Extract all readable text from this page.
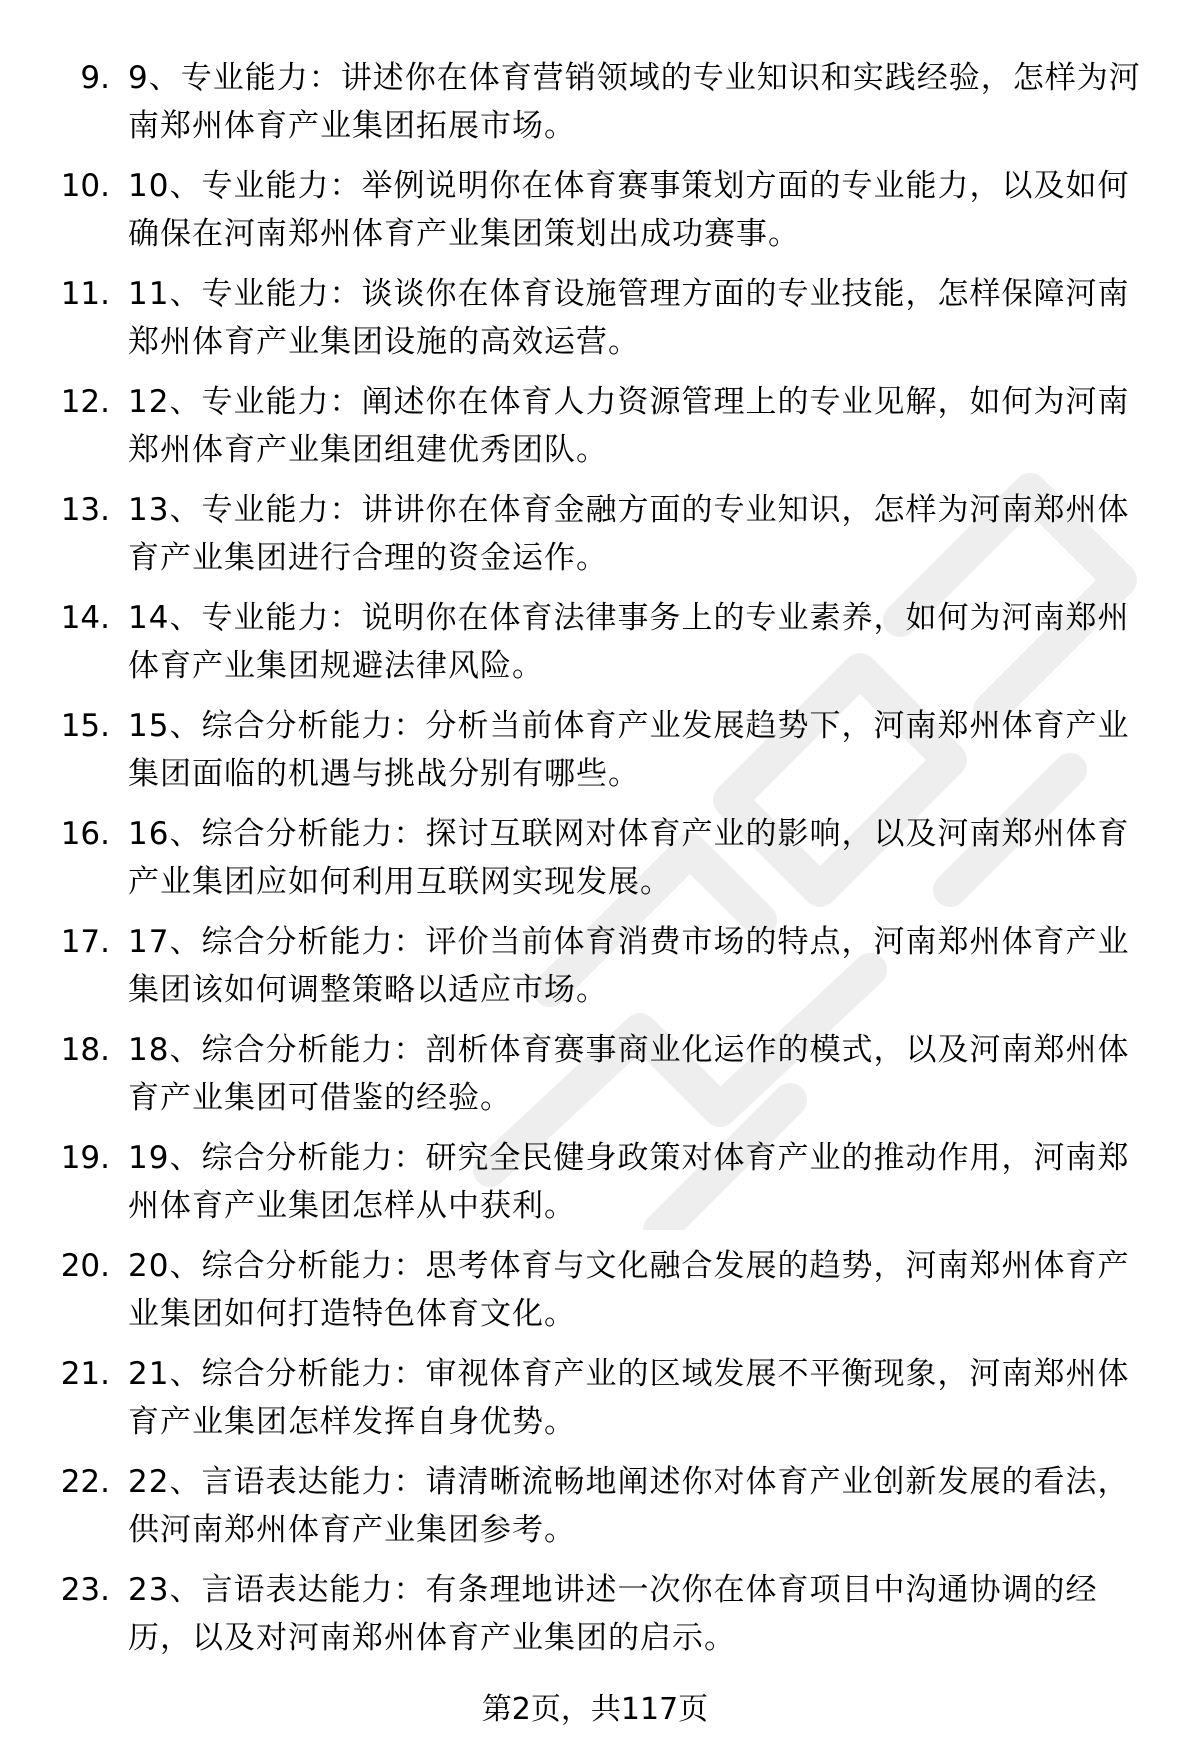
9. 9、专业能力：讲述你在体育营销领域的专业知识和实践经验，怎样为河南郑州体育产业集团拓展市场。
10. 10、专业能力：举例说明你在体育赛事策划方面的专业能力，以及如何确保在河南郑州体育产业集团策划出成功赛事。
11. 11、专业能力：谈谈你在体育设施管理方面的专业技能，怎样保障河南郑州体育产业集团设施的高效运营。
12. 12、专业能力：阐述你在体育人力资源管理上的专业见解，如何为河南郑州体育产业集团组建优秀团队。
13. 13、专业能力：讲讲你在体育金融方面的专业知识，怎样为河南郑州体育产业集团进行合理的资金运作。
14. 14、专业能力：说明你在体育法律事务上的专业素养，如何为河南郑州体育产业集团规避法律风险。
15. 15、综合分析能力：分析当前体育产业发展趋势下，河南郑州体育产业集团面临的机遇与挑战分别有哪些。
16. 16、综合分析能力：探讨互联网对体育产业的影响，以及河南郑州体育产业集团应如何利用互联网实现发展。
17. 17、综合分析能力：评价当前体育消费市场的特点，河南郑州体育产业集团该如何调整策略以适应市场。
18. 18、综合分析能力：剖析体育赛事商业化运作的模式，以及河南郑州体育产业集团可借鉴的经验。
19. 19、综合分析能力：研究全民健身政策对体育产业的推动作用，河南郑州体育产业集团怎样从中获利。
20. 20、综合分析能力：思考体育与文化融合发展的趋势，河南郑州体育产业集团如何打造特色体育文化。
21. 21、综合分析能力：审视体育产业的区域发展不平衡现象，河南郑州体育产业集团怎样发挥自身优势。
22. 22、言语表达能力：请清晰流畅地阐述你对体育产业创新发展的看法，供河南郑州体育产业集团参考。
23. 23、言语表达能力：有条理地讲述一次你在体育项目中沟通协调的经历，以及对河南郑州体育产业集团的启示。
第2页，共117页
